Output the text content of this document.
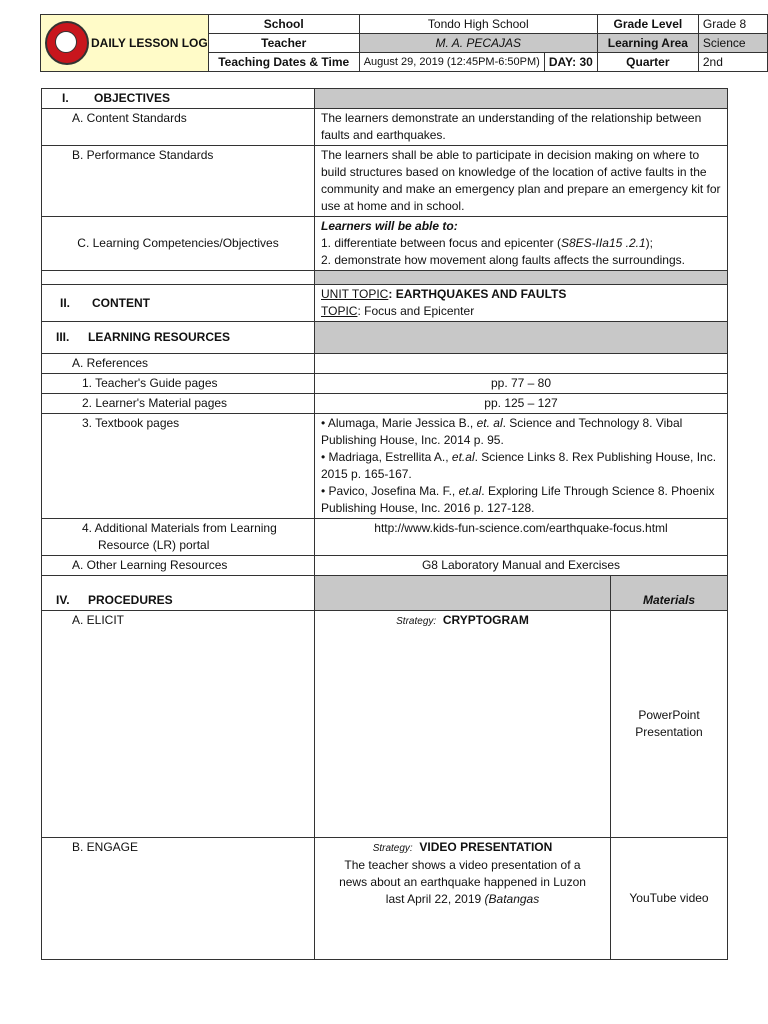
DAILY LESSON LOG	School	Tondo High School		Grade Level	Grade 8
	Teacher	M. A. PECAJAS		Learning Area	Science
	Teaching Dates & Time	August 29, 2019 (12:45PM-6:50PM)	DAY: 30	Quarter	2nd
I. OBJECTIVES		
A. Content Standards	The learners demonstrate an understanding of the relationship between faults and earthquakes.	
B. Performance Standards	The learners shall be able to participate in decision making on where to build structures based on knowledge of the location of active faults in the community and make an emergency plan and prepare an emergency kit for use at home and in school.	
C. Learning Competencies/Objectives	Learners will be able to:
1. differentiate between focus and epicenter (S8ES-IIa15 .2.1);
2. demonstrate how movement along faults affects the surroundings.	

II. CONTENT	UNIT TOPIC: EARTHQUAKES AND FAULTS
TOPIC: Focus and Epicenter	

III. LEARNING RESOURCES		
A. References		
1. Teacher's Guide pages	pp. 77 – 80	
2. Learner's Material pages	pp. 125 – 127	
3. Textbook pages	• Alumaga, Marie Jessica B., et. al. Science and Technology 8. Vibal Publishing House, Inc. 2014 p. 95.
• Madriaga, Estrellita A., et.al. Science Links 8. Rex Publishing House, Inc. 2015 p. 165-167.
• Pavico, Josefina Ma. F., et.al. Exploring Life Through Science 8. Phoenix Publishing House, Inc. 2016 p. 127-128.	

4. Additional Materials from Learning
Resource (LR) portal	http://www.kids-fun-science.com/earthquake-focus.html	
A. Other Learning Resources	G8 Laboratory Manual and Exercises	
IV. PROCEDURES		Materials
A. ELICIT	Strategy: CRYPTOGRAM	PowerPoint
Presentation

B. ENGAGE	Strategy: VIDEO PRESENTATION
The teacher shows a video presentation of a news about an earthquake happened in Luzon last April 22, 2019 (Batangas	YouTube video
